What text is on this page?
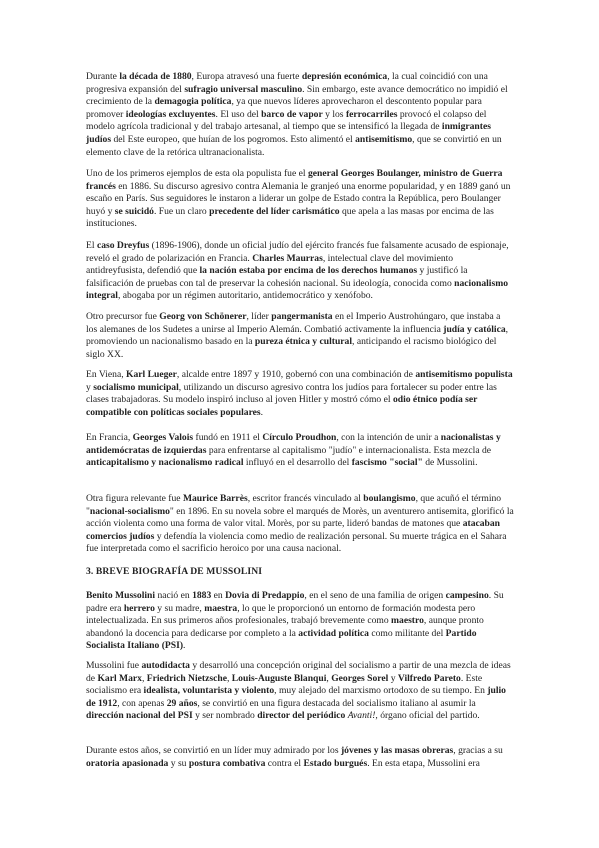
Durante la década de 1880, Europa atravesó una fuerte depresión económica, la cual coincidió con una progresiva expansión del sufragio universal masculino. Sin embargo, este avance democrático no impidió el crecimiento de la demagogia política, ya que nuevos líderes aprovecharon el descontento popular para promover ideologías excluyentes. El uso del barco de vapor y los ferrocarriles provocó el colapso del modelo agrícola tradicional y del trabajo artesanal, al tiempo que se intensificó la llegada de inmigrantes judíos del Este europeo, que huían de los pogromos. Esto alimentó el antisemitismo, que se convirtió en un elemento clave de la retórica ultranacionalista.
Uno de los primeros ejemplos de esta ola populista fue el general Georges Boulanger, ministro de Guerra francés en 1886. Su discurso agresivo contra Alemania le granjeó una enorme popularidad, y en 1889 ganó un escaño en París. Sus seguidores le instaron a liderar un golpe de Estado contra la República, pero Boulanger huyó y se suicidó. Fue un claro precedente del líder carismático que apela a las masas por encima de las instituciones.
El caso Dreyfus (1896-1906), donde un oficial judío del ejército francés fue falsamente acusado de espionaje, reveló el grado de polarización en Francia. Charles Maurras, intelectual clave del movimiento antidreyfusista, defendió que la nación estaba por encima de los derechos humanos y justificó la falsificación de pruebas con tal de preservar la cohesión nacional. Su ideología, conocida como nacionalismo integral, abogaba por un régimen autoritario, antidemocrático y xenófobo.
Otro precursor fue Georg von Schönerer, líder pangermanista en el Imperio Austrohúngaro, que instaba a los alemanes de los Sudetes a unirse al Imperio Alemán. Combatió activamente la influencia judía y católica, promoviendo un nacionalismo basado en la pureza étnica y cultural, anticipando el racismo biológico del siglo XX.
En Viena, Karl Lueger, alcalde entre 1897 y 1910, gobernó con una combinación de antisemitismo populista y socialismo municipal, utilizando un discurso agresivo contra los judíos para fortalecer su poder entre las clases trabajadoras. Su modelo inspiró incluso al joven Hitler y mostró cómo el odio étnico podía ser compatible con políticas sociales populares.
En Francia, Georges Valois fundó en 1911 el Círculo Proudhon, con la intención de unir a nacionalistas y antidemócratas de izquierdas para enfrentarse al capitalismo "judío" e internacionalista. Esta mezcla de anticapitalismo y nacionalismo radical influyó en el desarrollo del fascismo "social" de Mussolini.
Otra figura relevante fue Maurice Barrès, escritor francés vinculado al boulangismo, que acuñó el término "nacional-socialismo" en 1896. En su novela sobre el marqués de Morès, un aventurero antisemita, glorificó la acción violenta como una forma de valor vital. Morès, por su parte, lideró bandas de matones que atacaban comercios judíos y defendía la violencia como medio de realización personal. Su muerte trágica en el Sahara fue interpretada como el sacrificio heroico por una causa nacional.
3. BREVE BIOGRAFÍA DE MUSSOLINI
Benito Mussolini nació en 1883 en Dovia di Predappio, en el seno de una familia de origen campesino. Su padre era herrero y su madre, maestra, lo que le proporcionó un entorno de formación modesta pero intelectualizada. En sus primeros años profesionales, trabajó brevemente como maestro, aunque pronto abandonó la docencia para dedicarse por completo a la actividad política como militante del Partido Socialista Italiano (PSI).
Mussolini fue autodidacta y desarrolló una concepción original del socialismo a partir de una mezcla de ideas de Karl Marx, Friedrich Nietzsche, Louis-Auguste Blanqui, Georges Sorel y Vilfredo Pareto. Este socialismo era idealista, voluntarista y violento, muy alejado del marxismo ortodoxo de su tiempo. En julio de 1912, con apenas 29 años, se convirtió en una figura destacada del socialismo italiano al asumir la dirección nacional del PSI y ser nombrado director del periódico Avanti!, órgano oficial del partido.
Durante estos años, se convirtió en un líder muy admirado por los jóvenes y las masas obreras, gracias a su oratoria apasionada y su postura combativa contra el Estado burgués. En esta etapa, Mussolini era
